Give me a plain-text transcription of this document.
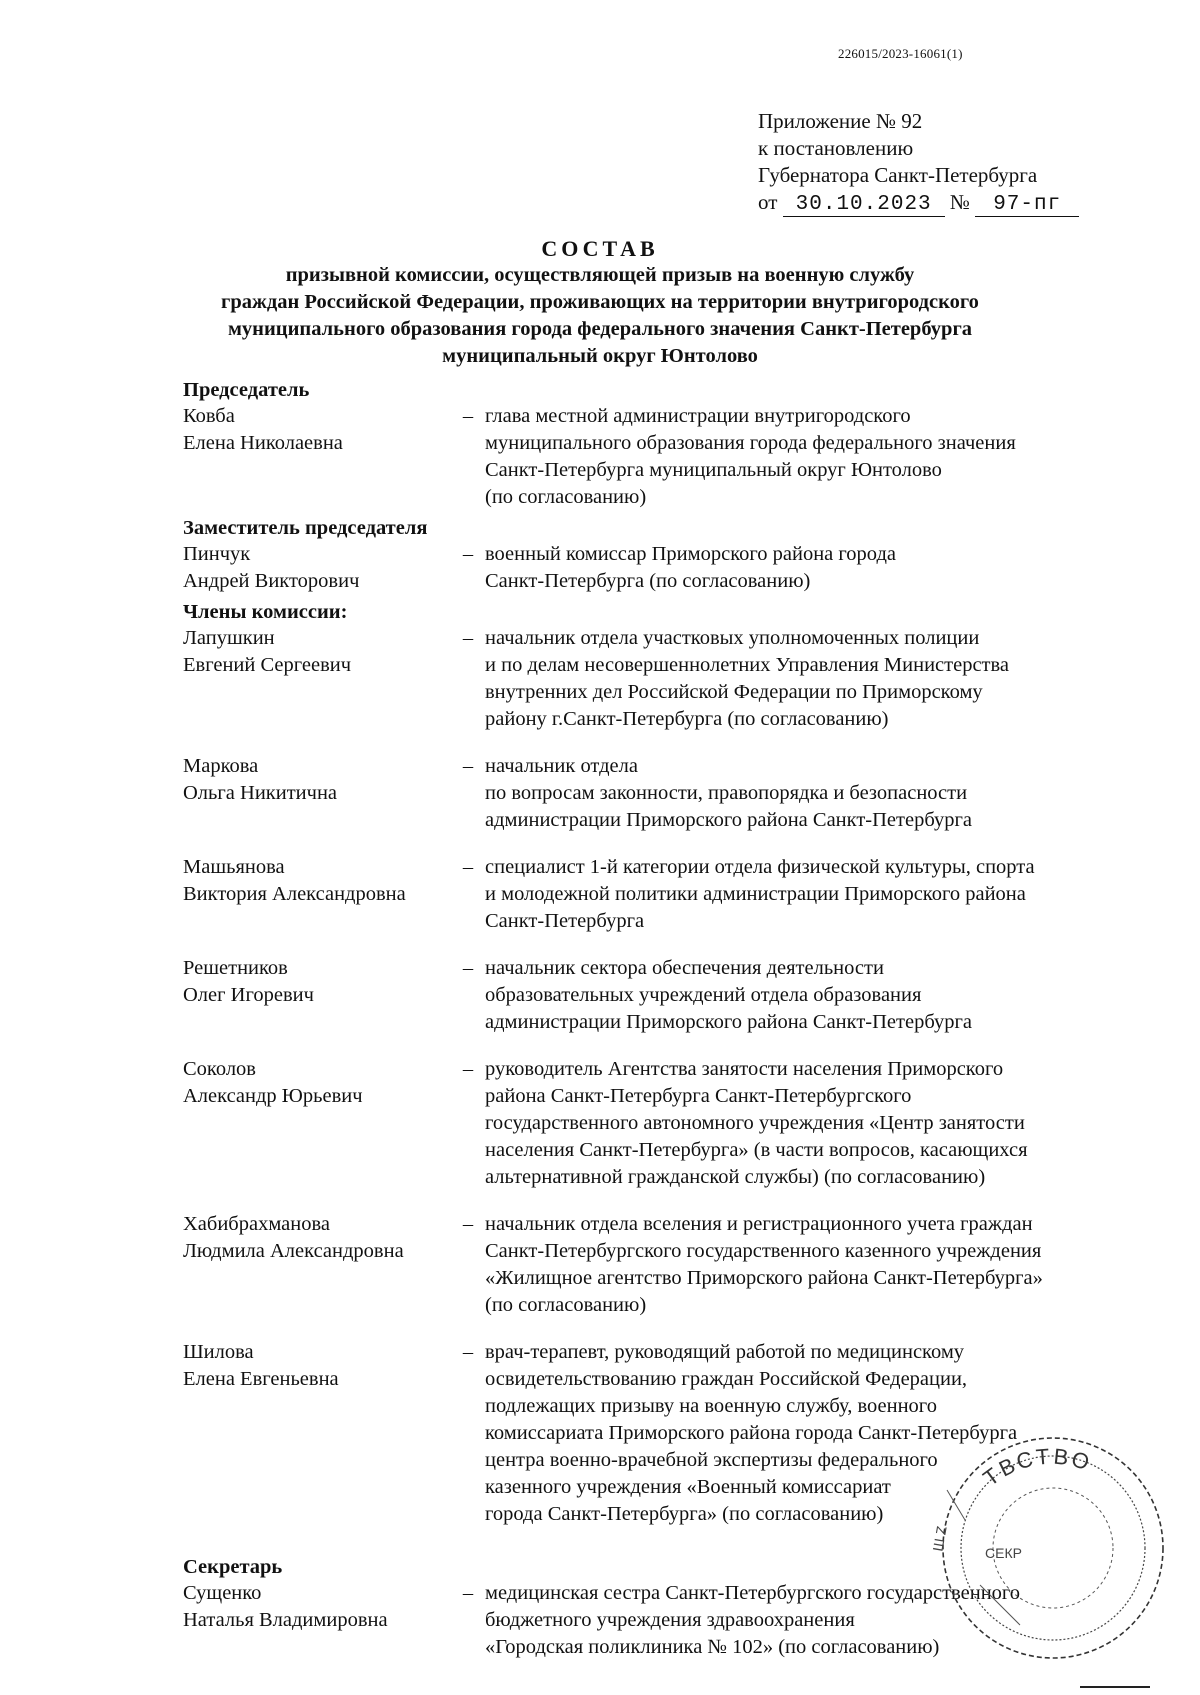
226015/2023-16061(1)
Приложение № 92
к постановлению
Губернатора Санкт-Петербурга
от 30.10.2023 № 97-пг
СОСТАВ
призывной комиссии, осуществляющей призыв на военную службу
граждан Российской Федерации, проживающих на территории внутригородского
муниципального образования города федерального значения Санкт-Петербурга
муниципальный округ Юнтолово
Председатель
Ковба
Елена Николаевна
– глава местной администрации внутригородского
муниципального образования города федерального значения
Санкт-Петербурга муниципальный округ Юнтолово
(по согласованию)
Заместитель председателя
Пинчук
Андрей Викторович
– военный комиссар Приморского района города
Санкт-Петербурга (по согласованию)
Члены комиссии:
Лапушкин
Евгений Сергеевич
– начальник отдела участковых уполномоченных полиции
и по делам несовершеннолетних Управления Министерства
внутренних дел Российской Федерации по Приморскому
району г.Санкт-Петербурга (по согласованию)
Маркова
Ольга Никитична
– начальник отдела
по вопросам законности, правопорядка и безопасности
администрации Приморского района Санкт-Петербурга
Машьянова
Виктория Александровна
– специалист 1-й категории отдела физической культуры, спорта
и молодежной политики администрации Приморского района
Санкт-Петербурга
Решетников
Олег Игоревич
– начальник сектора обеспечения деятельности
образовательных учреждений отдела образования
администрации Приморского района Санкт-Петербурга
Соколов
Александр Юрьевич
– руководитель Агентства занятости населения Приморского
района Санкт-Петербурга Санкт-Петербургского
государственного автономного учреждения «Центр занятости
населения Санкт-Петербурга» (в части вопросов, касающихся
альтернативной гражданской службы) (по согласованию)
Хабибрахманова
Людмила Александровна
– начальник отдела вселения и регистрационного учета граждан
Санкт-Петербургского государственного казенного учреждения
«Жилищное агентство Приморского района Санкт-Петербурга»
(по согласованию)
Шилова
Елена Евгеньевна
– врач-терапевт, руководящий работой по медицинскому
освидетельствованию граждан Российской Федерации,
подлежащих призыву на военную службу, военного
комиссариата Приморского района города Санкт-Петербурга
центра военно-врачебной экспертизы федерального
казенного учреждения «Военный комиссариат
города Санкт-Петербурга» (по согласованию)
Секретарь
Сущенко
Наталья Владимировна
– медицинская сестра Санкт-Петербургского государственного
бюджетного учреждения здравоохранения
«Городская поликлиника № 102» (по согласованию)
ТВСТВО
СЕКР
Ш Z
